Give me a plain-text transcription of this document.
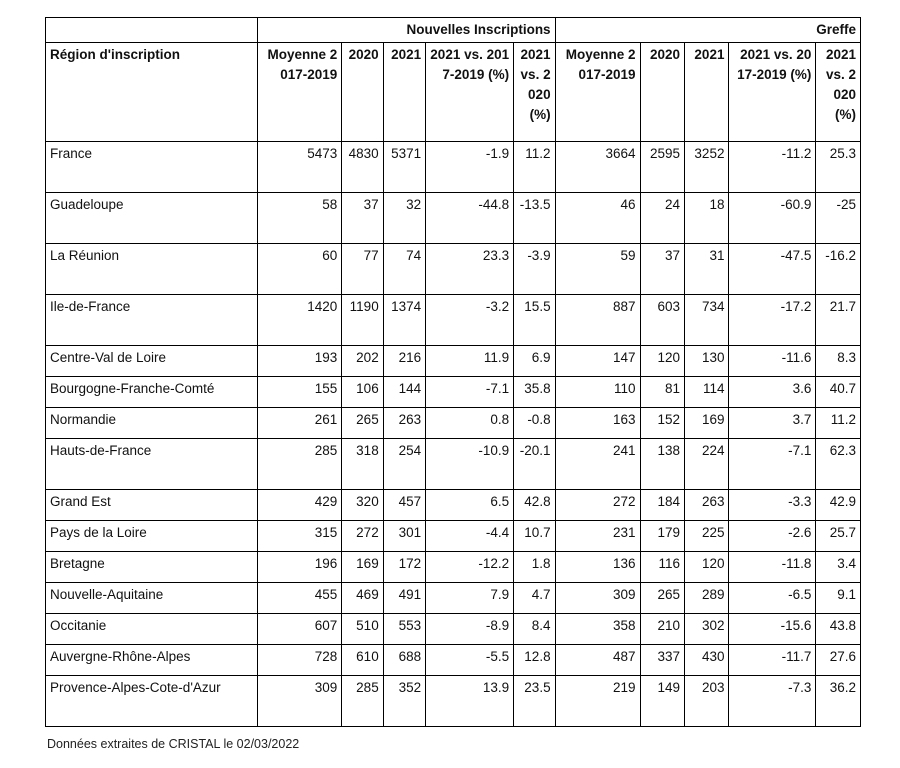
	Nouvelles Inscriptions					Greffe				
Région d'inscription	Moyenne 2017-2019	2020	2021	2021 vs. 2017-2019 (%)	2021 vs. 2020 (%)	Moyenne 2017-2019	2020	2021	2021 vs. 2017-2019 (%)	2021 vs. 2020 (%)
France	5473	4830	5371	-1.9	11.2	3664	2595	3252	-11.2	25.3
Guadeloupe	58	37	32	-44.8	-13.5	46	24	18	-60.9	-25
La Réunion	60	77	74	23.3	-3.9	59	37	31	-47.5	-16.2
Ile-de-France	1420	1190	1374	-3.2	15.5	887	603	734	-17.2	21.7
Centre-Val de Loire	193	202	216	11.9	6.9	147	120	130	-11.6	8.3
Bourgogne-Franche-Comté	155	106	144	-7.1	35.8	110	81	114	3.6	40.7
Normandie	261	265	263	0.8	-0.8	163	152	169	3.7	11.2
Hauts-de-France	285	318	254	-10.9	-20.1	241	138	224	-7.1	62.3
Grand Est	429	320	457	6.5	42.8	272	184	263	-3.3	42.9
Pays de la Loire	315	272	301	-4.4	10.7	231	179	225	-2.6	25.7
Bretagne	196	169	172	-12.2	1.8	136	116	120	-11.8	3.4
Nouvelle-Aquitaine	455	469	491	7.9	4.7	309	265	289	-6.5	9.1
Occitanie	607	510	553	-8.9	8.4	358	210	302	-15.6	43.8
Auvergne-Rhône-Alpes	728	610	688	-5.5	12.8	487	337	430	-11.7	27.6
Provence-Alpes-Cote-d'Azur	309	285	352	13.9	23.5	219	149	203	-7.3	36.2
Données extraites de CRISTAL le 02/03/2022
